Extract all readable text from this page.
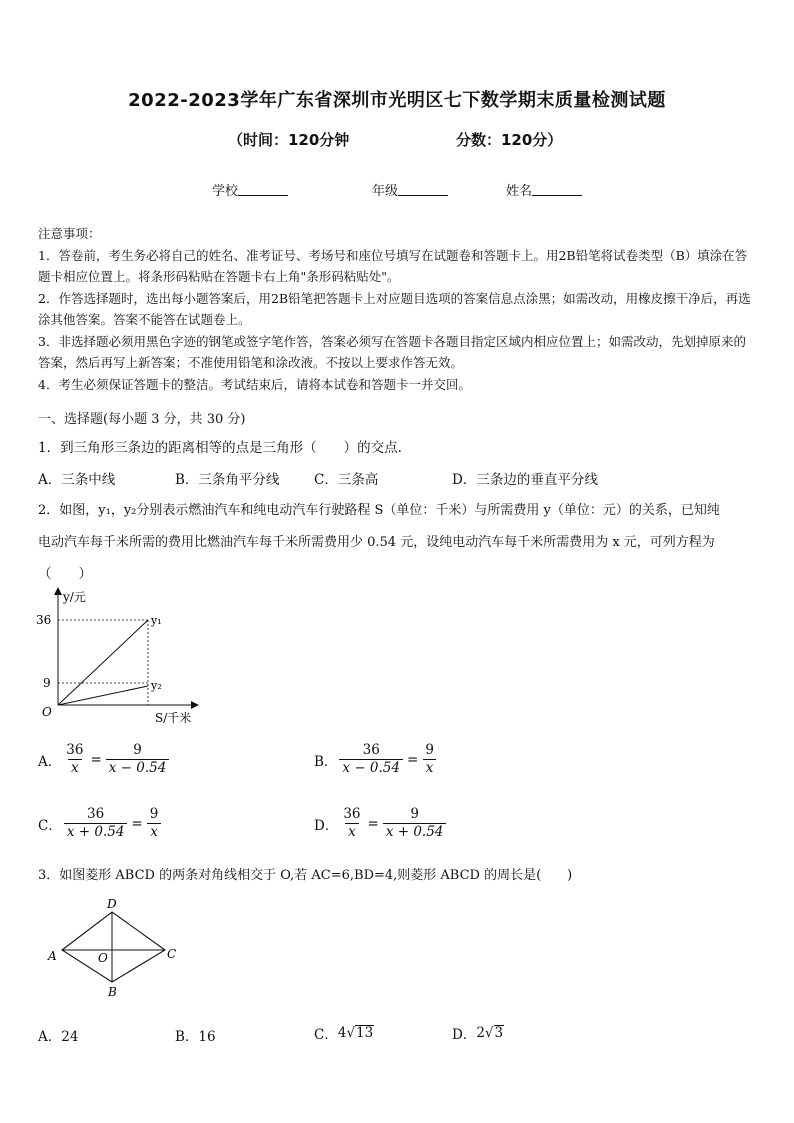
2022-2023学年广东省深圳市光明区七下数学期末质量检测试题
（时间：120分钟	分数：120分）
学校	年级	姓名

注意事项：

1．答卷前，考生务必将自己的姓名、准考证号、考场号和座位号填写在试题卷和答题卡上。用2B铅笔将试卷类型（B）填涂在答题卡相应位置上。将条形码粘贴在答题卡右上角"条形码粘贴处"。

2．作答选择题时，选出每小题答案后，用2B铅笔把答题卡上对应题目选项的答案信息点涂黑；如需改动，用橡皮擦干净后，再选涂其他答案。答案不能答在试题卷上。

3．非选择题必须用黑色字迹的钢笔或签字笔作答，答案必须写在答题卡各题目指定区域内相应位置上；如需改动，先划掉原来的答案，然后再写上新答案；不准使用铅笔和涂改液。不按以上要求作答无效。

4．考生必须保证答题卡的整洁。考试结束后，请将本试卷和答题卡一并交回。

一、选择题(每小题 3 分，共 30 分)
1．到三角形三条边的距离相等的点是三角形（　　）的交点.
A．三条中线	B．三条角平分线	C．三条高	D．三条边的垂直平分线
2．如图，y₁，y₂分别表示燃油汽车和纯电动汽车行驶路程 S（单位：千米）与所需费用 y（单位：元）的关系，已知纯
电动汽车每千米所需的费用比燃油汽车每千米所需费用少 0.54 元，设纯电动汽车每千米所需费用为 x 元，可列方程为
（　　）
y/元
S/千米
O
36
9
y₁
y₂
A． $\frac{36}{x} = \frac{9}{x - 0.54}$	B． $\frac{36}{x - 0.54} = \frac{9}{x}$
C． $\frac{36}{x + 0.54} = \frac{9}{x}$	D． $\frac{36}{x} = \frac{9}{x + 0.54}$
3．如图菱形 ABCD 的两条对角线相交于 O,若 AC=6,BD=4,则菱形 ABCD 的周长是(　　)
D
A	C
B
O
A．24	B．16	C． 4 √ 13	D． 2 √ 3
